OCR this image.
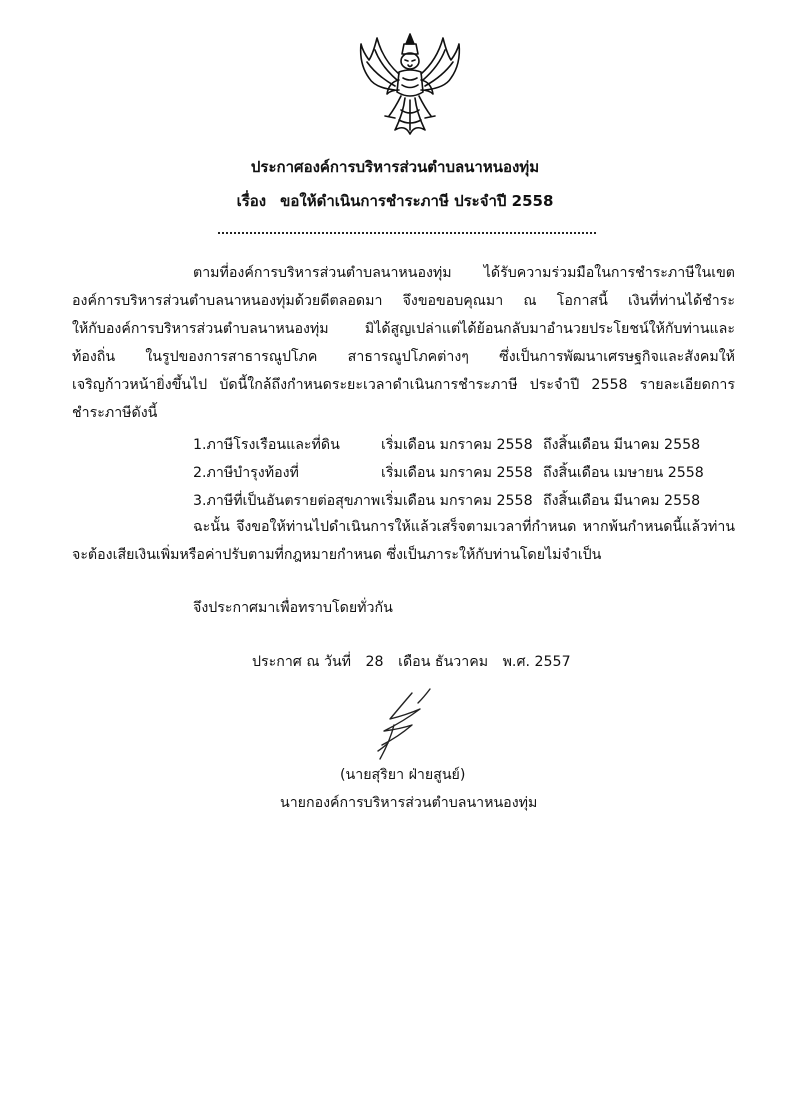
ประกาศองค์การบริหารส่วนตำบลนาหนองทุ่ม
เรื่อง ขอให้ดำเนินการชำระภาษี ประจำปี 2558
ตามที่องค์การบริหารส่วนตำบลนาหนองทุ่ม ได้รับความร่วมมือในการชำระภาษีในเขต
องค์การบริหารส่วนตำบลนาหนองทุ่มด้วยดีตลอดมา จึงขอขอบคุณมา ณ โอกาสนี้ เงินที่ท่านได้ชำระ
ให้กับองค์การบริหารส่วนตำบลนาหนองทุ่ม มิได้สูญเปล่าแต่ได้ย้อนกลับมาอำนวยประโยชน์ให้กับท่านและ
ท้องถิ่น ในรูปของการสาธารณูปโภค สาธารณูปโภคต่างๆ ซึ่งเป็นการพัฒนาเศรษฐกิจและสังคมให้
เจริญก้าวหน้ายิ่งขึ้นไป บัดนี้ใกล้ถึงกำหนดระยะเวลาดำเนินการชำระภาษี ประจำปี 2558 รายละเอียดการ
ชำระภาษีดังนี้
1.ภาษีโรงเรือนและที่ดิน	เริ่มเดือน มกราคม 2558 ถึงสิ้นเดือน มีนาคม 2558
2.ภาษีบำรุงท้องที่	เริ่มเดือน มกราคม 2558 ถึงสิ้นเดือน เมษายน 2558
3.ภาษีที่เป็นอันตรายต่อสุขภาพ เริ่มเดือน มกราคม 2558 ถึงสิ้นเดือน มีนาคม 2558
ฉะนั้น จึงขอให้ท่านไปดำเนินการให้แล้วเสร็จตามเวลาที่กำหนด หากพ้นกำหนดนี้แล้วท่าน
จะต้องเสียเงินเพิ่มหรือค่าปรับตามที่กฎหมายกำหนด ซึ่งเป็นภาระให้กับท่านโดยไม่จำเป็น
จึงประกาศมาเพื่อทราบโดยทั่วกัน
ประกาศ ณ วันที่ 28 เดือน ธันวาคม พ.ศ. 2557
(นายสุริยา ฝ่ายสูนย์)
นายกองค์การบริหารส่วนตำบลนาหนองทุ่ม
